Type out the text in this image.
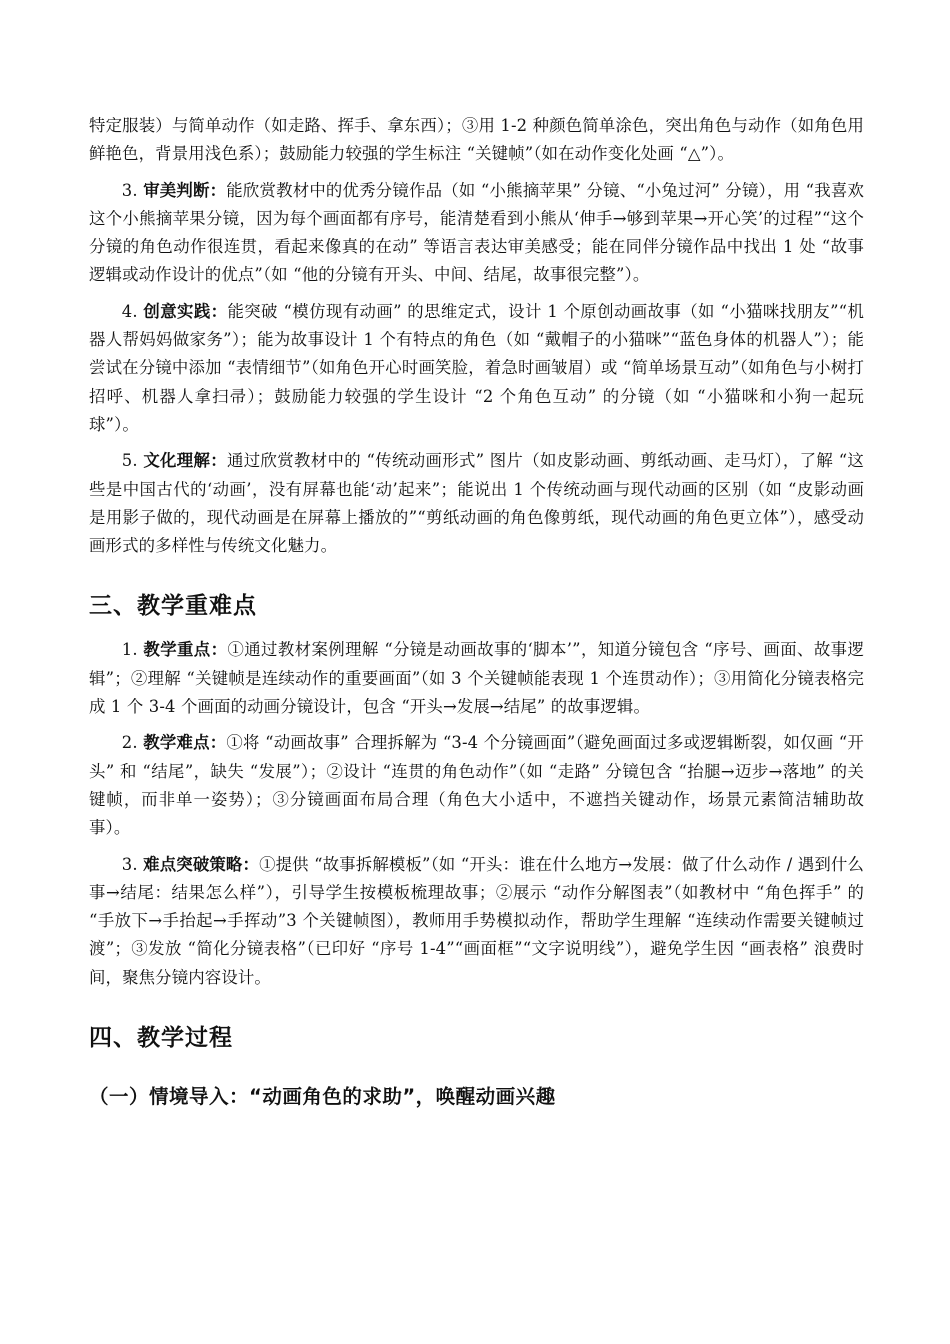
特定服装）与简单动作（如走路、挥手、拿东西）；③用 1-2 种颜色简单涂色，突出角色与动作（如角色用鲜艳色，背景用浅色系）；鼓励能力较强的学生标注 “关键帧”（如在动作变化处画 “△”）。

3. 审美判断：能欣赏教材中的优秀分镜作品（如 “小熊摘苹果” 分镜、“小兔过河” 分镜），用 “我喜欢这个小熊摘苹果分镜，因为每个画面都有序号，能清楚看到小熊从‘伸手→够到苹果→开心笑’的过程”“这个分镜的角色动作很连贯，看起来像真的在动” 等语言表达审美感受；能在同伴分镜作品中找出 1 处 “故事逻辑或动作设计的优点”（如 “他的分镜有开头、中间、结尾，故事很完整”）。

4. 创意实践：能突破 “模仿现有动画” 的思维定式，设计 1 个原创动画故事（如 “小猫咪找朋友”“机器人帮妈妈做家务”）；能为故事设计 1 个有特点的角色（如 “戴帽子的小猫咪”“蓝色身体的机器人”）；能尝试在分镜中添加 “表情细节”（如角色开心时画笑脸，着急时画皱眉）或 “简单场景互动”（如角色与小树打招呼、机器人拿扫帚）；鼓励能力较强的学生设计 “2 个角色互动” 的分镜（如 “小猫咪和小狗一起玩球”）。

5. 文化理解：通过欣赏教材中的 “传统动画形式” 图片（如皮影动画、剪纸动画、走马灯），了解 “这些是中国古代的‘动画’，没有屏幕也能‘动’起来”；能说出 1 个传统动画与现代动画的区别（如 “皮影动画是用影子做的，现代动画是在屏幕上播放的”“剪纸动画的角色像剪纸，现代动画的角色更立体”），感受动画形式的多样性与传统文化魅力。

三、教学重难点

1. 教学重点：①通过教材案例理解 “分镜是动画故事的‘脚本’”，知道分镜包含 “序号、画面、故事逻辑”；②理解 “关键帧是连续动作的重要画面”（如 3 个关键帧能表现 1 个连贯动作）；③用简化分镜表格完成 1 个 3-4 个画面的动画分镜设计，包含 “开头→发展→结尾” 的故事逻辑。

2. 教学难点：①将 “动画故事” 合理拆解为 “3-4 个分镜画面”（避免画面过多或逻辑断裂，如仅画 “开头” 和 “结尾”，缺失 “发展”）；②设计 “连贯的角色动作”（如 “走路” 分镜包含 “抬腿→迈步→落地” 的关键帧，而非单一姿势）；③分镜画面布局合理（角色大小适中，不遮挡关键动作，场景元素简洁辅助故事）。

3. 难点突破策略：①提供 “故事拆解模板”（如 “开头：谁在什么地方→发展：做了什么动作 / 遇到什么事→结尾：结果怎么样”），引导学生按模板梳理故事；②展示 “动作分解图表”（如教材中 “角色挥手” 的 “手放下→手抬起→手挥动”3 个关键帧图），教师用手势模拟动作，帮助学生理解 “连续动作需要关键帧过渡”；③发放 “简化分镜表格”（已印好 “序号 1-4”“画面框”“文字说明线”），避免学生因 “画表格” 浪费时间，聚焦分镜内容设计。

四、教学过程
（一）情境导入：“动画角色的求助”，唤醒动画兴趣
